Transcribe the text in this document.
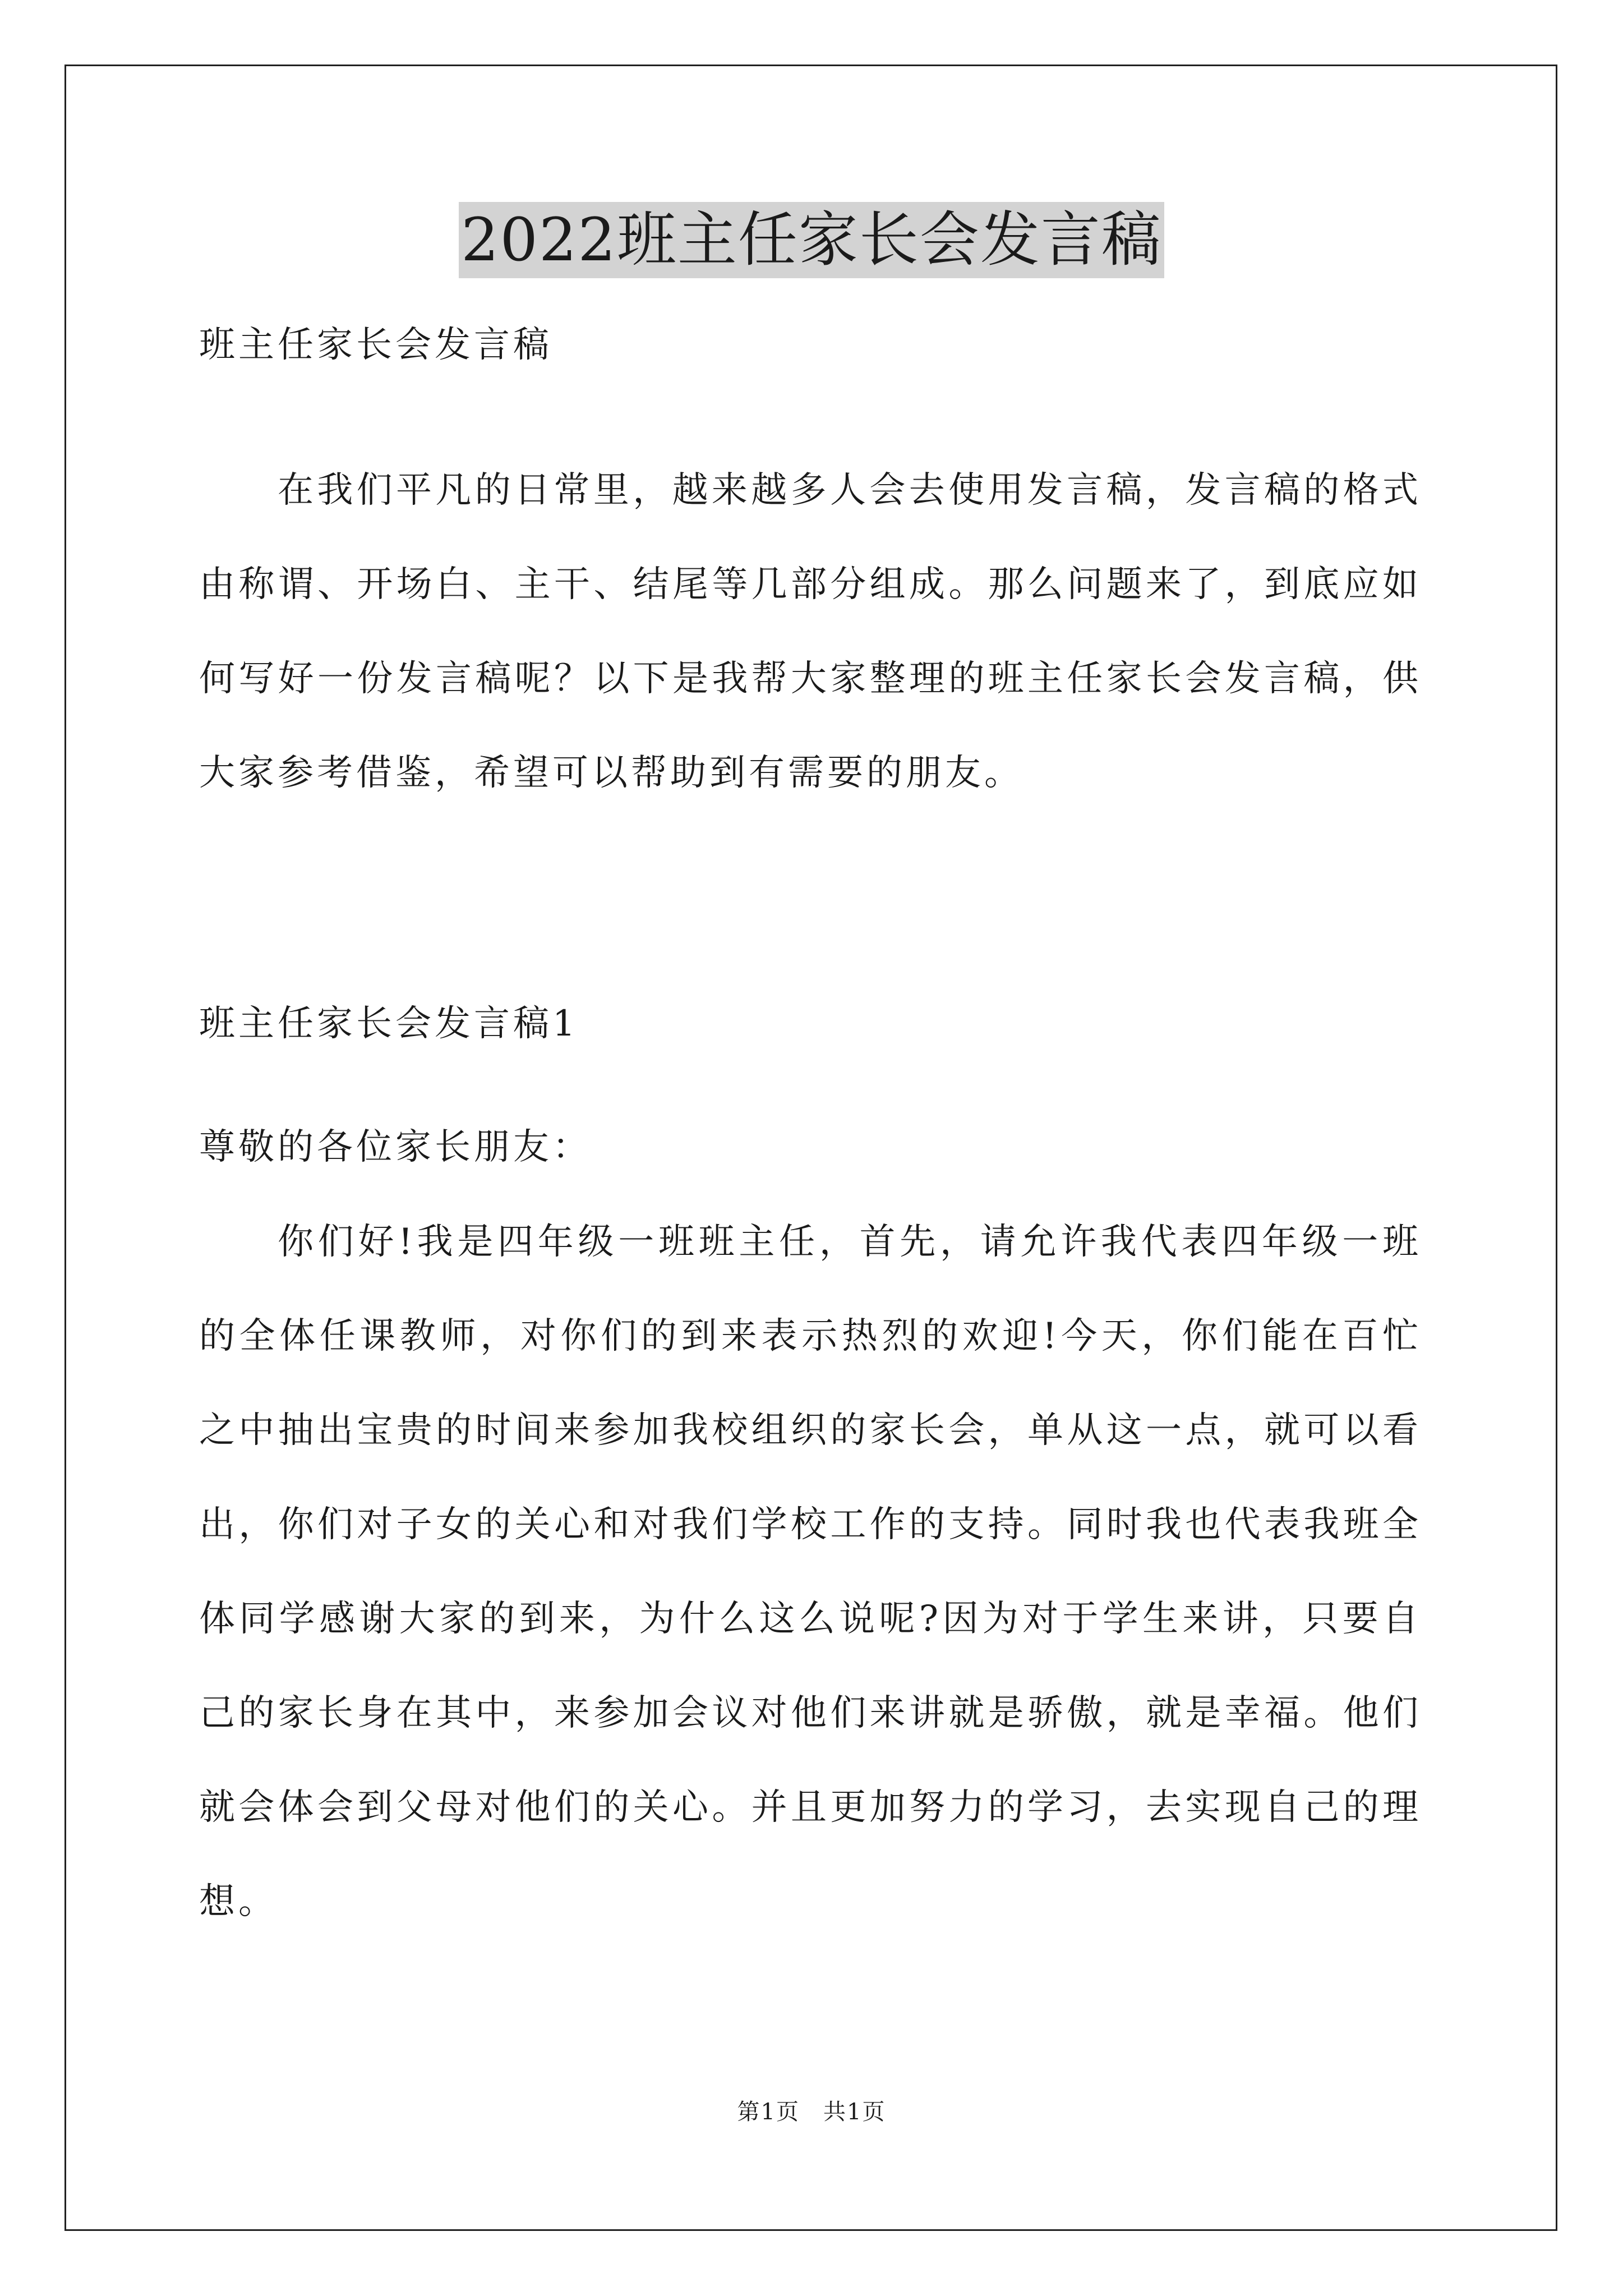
2022班主任家长会发言稿

班主任家长会发言稿

在我们平凡的日常里，越来越多人会去使用发言稿，发言稿的格式由称谓、开场白、主干、结尾等几部分组成。那么问题来了，到底应如何写好一份发言稿呢？以下是我帮大家整理的班主任家长会发言稿，供大家参考借鉴，希望可以帮助到有需要的朋友。

班主任家长会发言稿1

尊敬的各位家长朋友：

你们好!我是四年级一班班主任，首先，请允许我代表四年级一班的全体任课教师，对你们的到来表示热烈的欢迎!今天，你们能在百忙之中抽出宝贵的时间来参加我校组织的家长会，单从这一点，就可以看出，你们对子女的关心和对我们学校工作的支持。同时我也代表我班全体同学感谢大家的到来，为什么这么说呢?因为对于学生来讲，只要自己的家长身在其中，来参加会议对他们来讲就是骄傲，就是幸福。他们就会体会到父母对他们的关心。并且更加努力的学习，去实现自己的理想。

第1页　共1页
